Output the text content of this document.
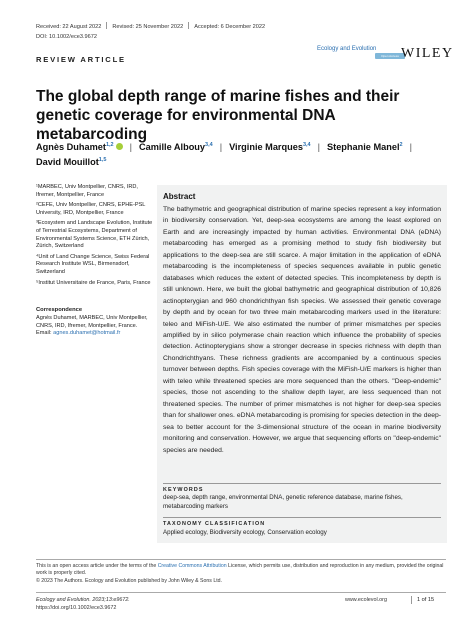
Received: 22 August 2022 Revised: 25 November 2022 Accepted: 6 December 2022
DOI: 10.1002/ece3.9672
Ecology and Evolution
Open Access WILEY
REVIEW ARTICLE
The global depth range of marine fishes and their genetic coverage for environmental DNA metabarcoding
Agnès Duhamet$^{1,2}$ | Camille Albouy$^{3,4}$ | Virginie Marques$^{3,4}$ | Stephanie Manel$^2$ |
David Mouillot$^{1,5}$

¹MARBEC, Univ Montpellier, CNRS, IRD, Ifremer, Montpellier, France

²CEFE, Univ Montpellier, CNRS, EPHE-PSL University, IRD, Montpellier, France

³Ecosystem and Landscape Evolution, Institute of Terrestrial Ecosystems, Department of Environmental Systems Science, ETH Zürich, Zürich, Switzerland

⁴Unit of Land Change Science, Swiss Federal Research Institute WSL, Birmensdorf, Switzerland

⁵Institut Universitaire de France, Paris, France

Correspondence
Agnès Duhamet, MARBEC, Univ Montpellier, CNRS, IRD, Ifremer, Montpellier, France.
Email: agnes.duhamet@hotmail.fr
Abstract

The bathymetric and geographical distribution of marine species represent a key information in biodiversity conservation. Yet, deep-sea ecosystems are among the least explored on Earth and are increasingly impacted by human activities. Environmental DNA (eDNA) metabarcoding has emerged as a promising method to study fish biodiversity but applications to the deep-sea are still scarce. A major limitation in the application of eDNA metabarcoding is the incompleteness of species sequences available in public genetic databases which reduces the extent of detected species. This incompleteness by depth is still unknown. Here, we built the global bathymetric and geographical distribution of 10,826 actinopterygian and 960 chondrichthyan fish species. We assessed their genetic coverage by depth and by ocean for two three main metabarcoding markers used in the literature: teleo and MiFish-U/E. We also estimated the number of primer mismatches per species amplified by in silico polymerase chain reaction which influence the probability of species detection. Actinopterygians show a stronger decrease in species richness with depth than Chondrichthyans. These richness gradients are accompanied by a continuous species turnover between depths. Fish species coverage with the MiFish-U/E markers is higher than with teleo while threatened species are more sequenced than the others. "Deep-endemic" species, those not ascending to the shallow depth layer, are less sequenced than not threatened species. The number of primer mismatches is not higher for deep-sea species than for shallower ones. eDNA metabarcoding is promising for species detection in the deep-sea to better account for the 3-dimensional structure of the ocean in marine biodiversity monitoring and conservation. However, we argue that sequencing efforts on "deep-endemic" species are needed.

KEYWORDS
deep-sea, depth range, environmental DNA, genetic reference database, marine fishes, metabarcoding markers
TAXONOMY CLASSIFICATION
Applied ecology, Biodiversity ecology, Conservation ecology
This is an open access article under the terms of the Creative Commons Attribution License, which permits use, distribution and reproduction in any medium, provided the original work is properly cited.
© 2023 The Authors. Ecology and Evolution published by John Wiley & Sons Ltd.
Ecology and Evolution. 2023;13:e9672.
https://doi.org/10.1002/ece3.9672
www.ecolevol.org	1 of 15
